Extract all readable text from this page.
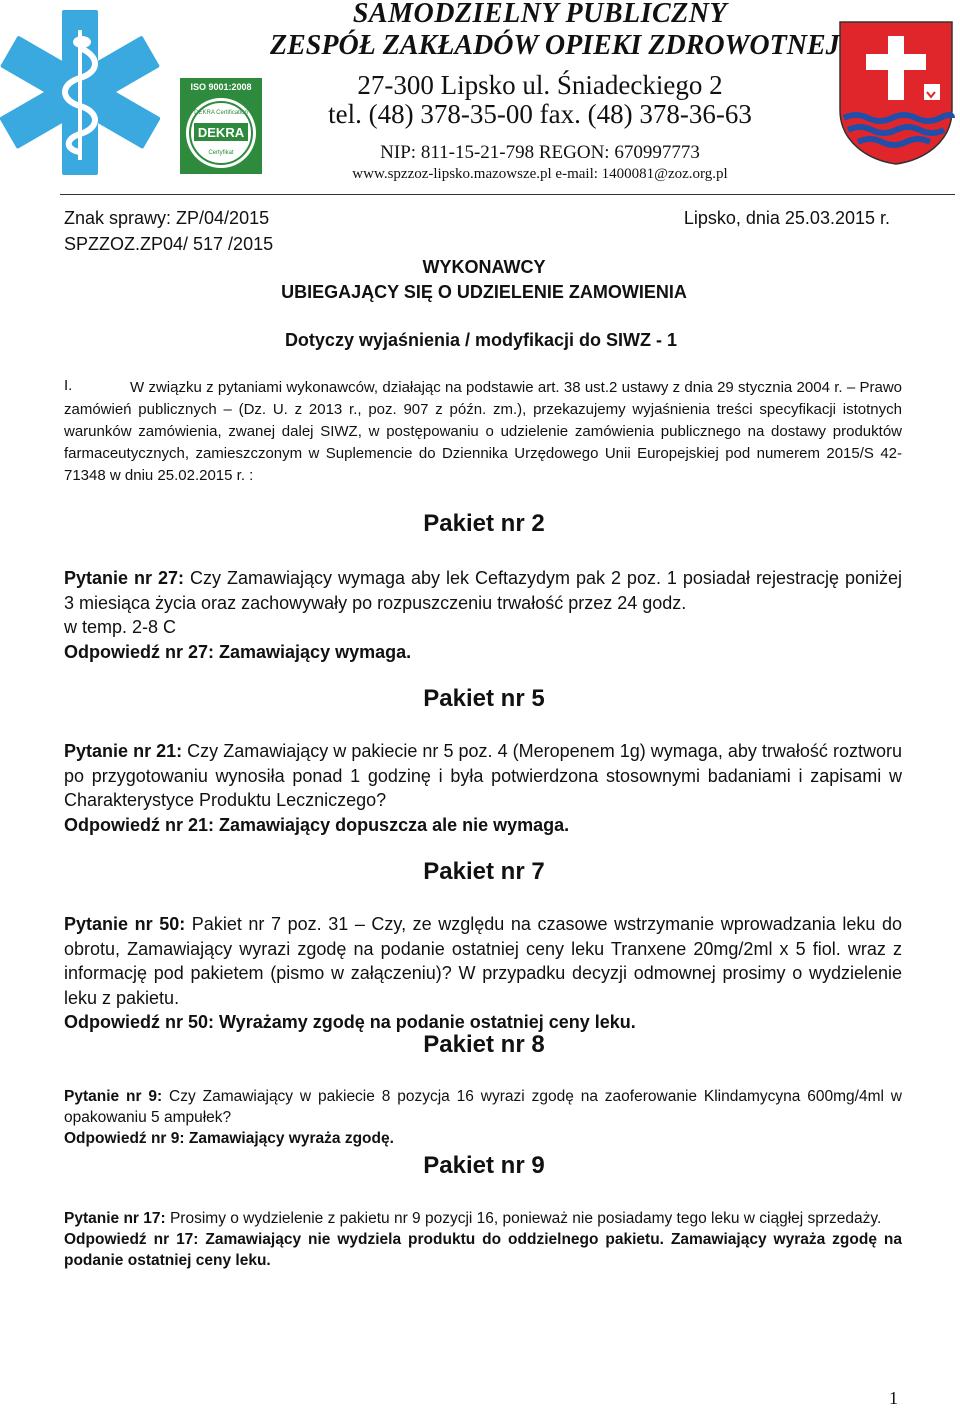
ISO 9001:2008
DEKRA Certification
DEKRA
Certyfikat
SAMODZIELNY PUBLICZNY
ZESPÓŁ ZAKŁADÓW OPIEKI ZDROWOTNEJ
27-300 Lipsko ul. Śniadeckiego 2
tel. (48) 378-35-00 fax. (48) 378-36-63
NIP: 811-15-21-798 REGON: 670997773
www.spzzoz-lipsko.mazowsze.pl e-mail: 1400081@zoz.org.pl
Znak sprawy: ZP/04/2015
SPZZOZ.ZP04/ 517 /2015
Lipsko, dnia 25.03.2015 r.
WYKONAWCY
UBIEGAJĄCY SIĘ O UDZIELENIE ZAMOWIENIA
Dotyczy wyjaśnienia / modyfikacji do SIWZ - 1
I.	W związku z pytaniami wykonawców, działając na podstawie art. 38 ust.2 ustawy z dnia 29 stycznia 2004 r. – Prawo zamówień publicznych – (Dz. U. z 2013 r., poz. 907 z późn. zm.), przekazujemy wyjaśnienia treści specyfikacji istotnych warunków zamówienia, zwanej dalej SIWZ, w postępowaniu o udzielenie zamówienia publicznego na dostawy produktów farmaceutycznych, zamieszczonym w Suplemencie do Dziennika Urzędowego Unii Europejskiej pod numerem 2015/S 42-71348 w dniu 25.02.2015 r. :
Pakiet nr 2
Pytanie nr 27: Czy Zamawiający wymaga aby lek Ceftazydym pak 2 poz. 1 posiadał rejestrację poniżej 3 miesiąca życia oraz zachowywały po rozpuszczeniu trwałość przez 24 godz.
w temp. 2-8 C
Odpowiedź nr 27: Zamawiający wymaga.
Pakiet nr 5
Pytanie nr 21: Czy Zamawiający w pakiecie nr 5 poz. 4 (Meropenem 1g) wymaga, aby trwałość roztworu po przygotowaniu wynosiła ponad 1 godzinę i była potwierdzona stosownymi badaniami i zapisami w Charakterystyce Produktu Leczniczego?
Odpowiedź nr 21: Zamawiający dopuszcza ale nie wymaga.
Pakiet nr 7
Pytanie nr 50: Pakiet nr 7 poz. 31 – Czy, ze względu na czasowe wstrzymanie wprowadzania leku do obrotu, Zamawiający wyrazi zgodę na podanie ostatniej ceny leku Tranxene 20mg/2ml x 5 fiol. wraz z informację pod pakietem (pismo w załączeniu)? W przypadku decyzji odmownej prosimy o wydzielenie leku z pakietu.
Odpowiedź nr 50: Wyrażamy zgodę na podanie ostatniej ceny leku.
Pakiet nr 8
Pytanie nr 9: Czy Zamawiający w pakiecie 8 pozycja 16 wyrazi zgodę na zaoferowanie Klindamycyna 600mg/4ml w opakowaniu 5 ampułek?
Odpowiedź nr 9: Zamawiający wyraża zgodę.
Pakiet nr 9
Pytanie nr 17: Prosimy o wydzielenie z pakietu nr 9 pozycji 16, ponieważ nie posiadamy tego leku w ciągłej sprzedaży.
Odpowiedź nr 17: Zamawiający nie wydziela produktu do oddzielnego pakietu. Zamawiający wyraża zgodę na podanie ostatniej ceny leku.
1
